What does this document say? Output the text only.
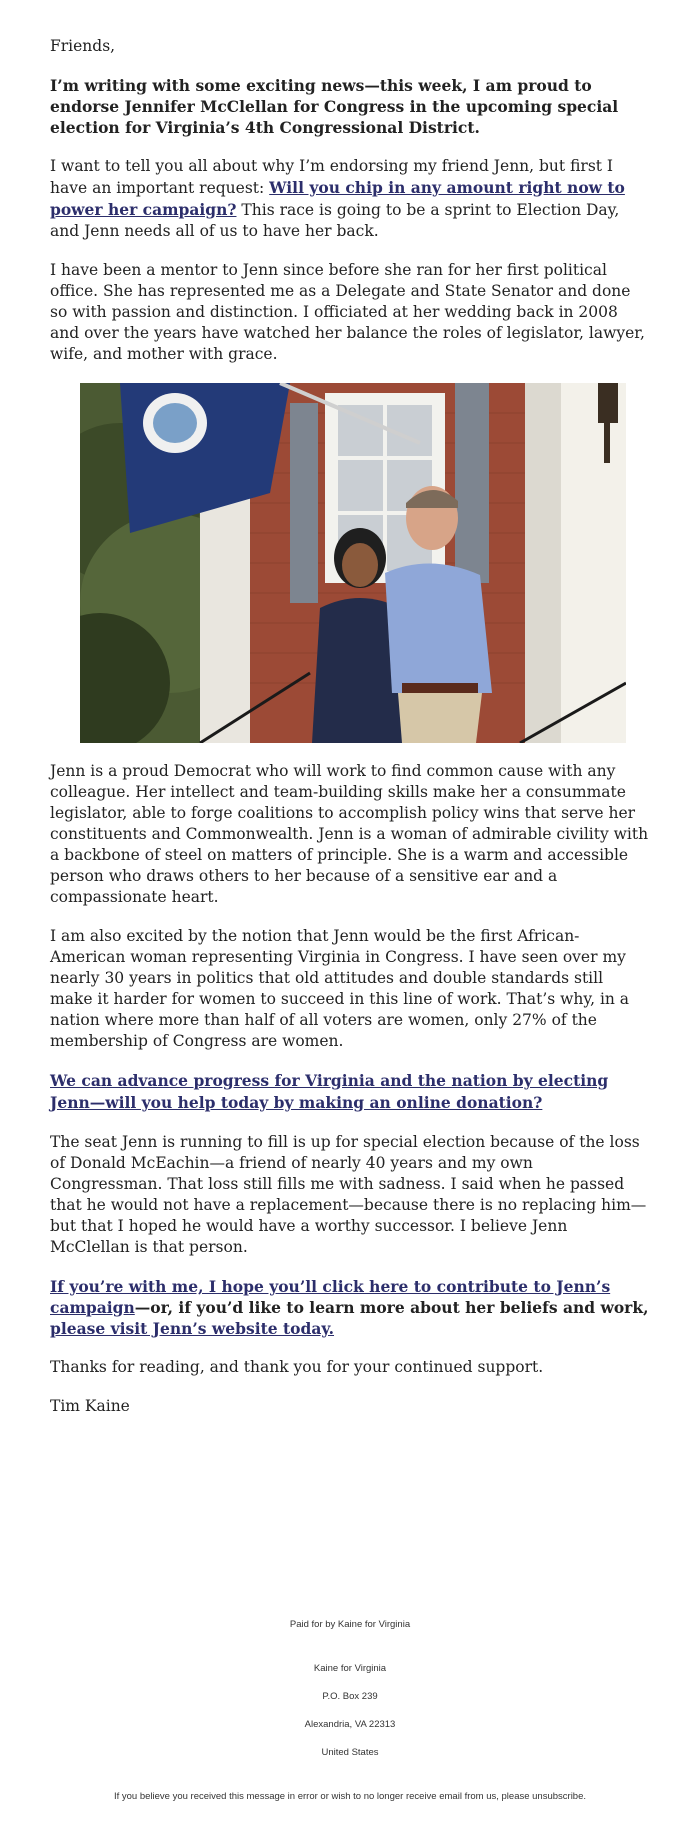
Friends,

I’m writing with some exciting news—this week, I am proud to endorse Jennifer McClellan for Congress in the upcoming special election for Virginia’s 4th Congressional District.

I want to tell you all about why I’m endorsing my friend Jenn, but first I have an important request: Will you chip in any amount right now to power her campaign? This race is going to be a sprint to Election Day, and Jenn needs all of us to have her back.

I have been a mentor to Jenn since before she ran for her first political office. She has represented me as a Delegate and State Senator and done so with passion and distinction. I officiated at her wedding back in 2008 and over the years have watched her balance the roles of legislator, lawyer, wife, and mother with grace.

Jenn is a proud Democrat who will work to find common cause with any colleague. Her intellect and team-building skills make her a consummate legislator, able to forge coalitions to accomplish policy wins that serve her constituents and Commonwealth. Jenn is a woman of admirable civility with a backbone of steel on matters of principle. She is a warm and accessible person who draws others to her because of a sensitive ear and a compassionate heart.

I am also excited by the notion that Jenn would be the first African-American woman representing Virginia in Congress. I have seen over my nearly 30 years in politics that old attitudes and double standards still make it harder for women to succeed in this line of work. That’s why, in a nation where more than half of all voters are women, only 27% of the membership of Congress are women.

We can advance progress for Virginia and the nation by electing Jenn—will you help today by making an online donation?

The seat Jenn is running to fill is up for special election because of the loss of Donald McEachin—a friend of nearly 40 years and my own Congressman. That loss still fills me with sadness. I said when he passed that he would not have a replacement—because there is no replacing him—but that I hoped he would have a worthy successor. I believe Jenn McClellan is that person.

If you’re with me, I hope you’ll click here to contribute to Jenn’s campaign—or, if you’d like to learn more about her beliefs and work, please visit Jenn’s website today.

Thanks for reading, and thank you for your continued support.

Tim Kaine

Paid for by Kaine for Virginia
Kaine for Virginia
P.O. Box 239
Alexandria, VA 22313
United States
If you believe you received this message in error or wish to no longer receive email from us, please unsubscribe.
